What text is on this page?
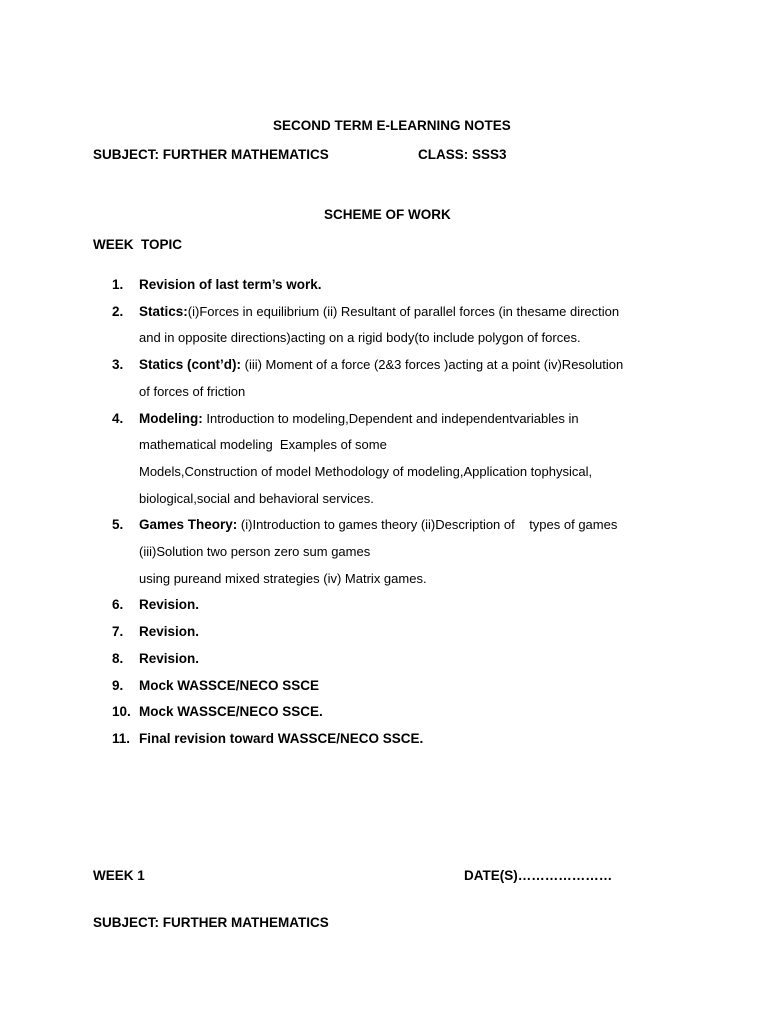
SECOND TERM E-LEARNING NOTES
SUBJECT: FURTHER MATHEMATICS	CLASS: SSS3
SCHEME OF WORK
WEEK  TOPIC
1.	Revision of last term’s work.
2.	Statics:(i)Forces in equilibrium (ii) Resultant of parallel forces (in thesame direction
and in opposite directions)acting on a rigid body(to include polygon of forces.
3.	Statics (cont’d): (iii) Moment of a force (2&3 forces )acting at a point (iv)Resolution
of forces of friction
4.	Modeling: Introduction to modeling,Dependent and independentvariables in
mathematical modeling  Examples of some
Models,Construction of model Methodology of modeling,Application tophysical,
biological,social and behavioral services.
5.	Games Theory: (i)Introduction to games theory (ii)Description of    types of games
(iii)Solution two person zero sum games
using pureand mixed strategies (iv) Matrix games.
6.	Revision.
7.	Revision.
8.	Revision.
9.	Mock WASSCE/NECO SSCE
10. Mock WASSCE/NECO SSCE.
11. Final revision toward WASSCE/NECO SSCE.
WEEK 1	DATE(S)…………………
SUBJECT: FURTHER MATHEMATICS
